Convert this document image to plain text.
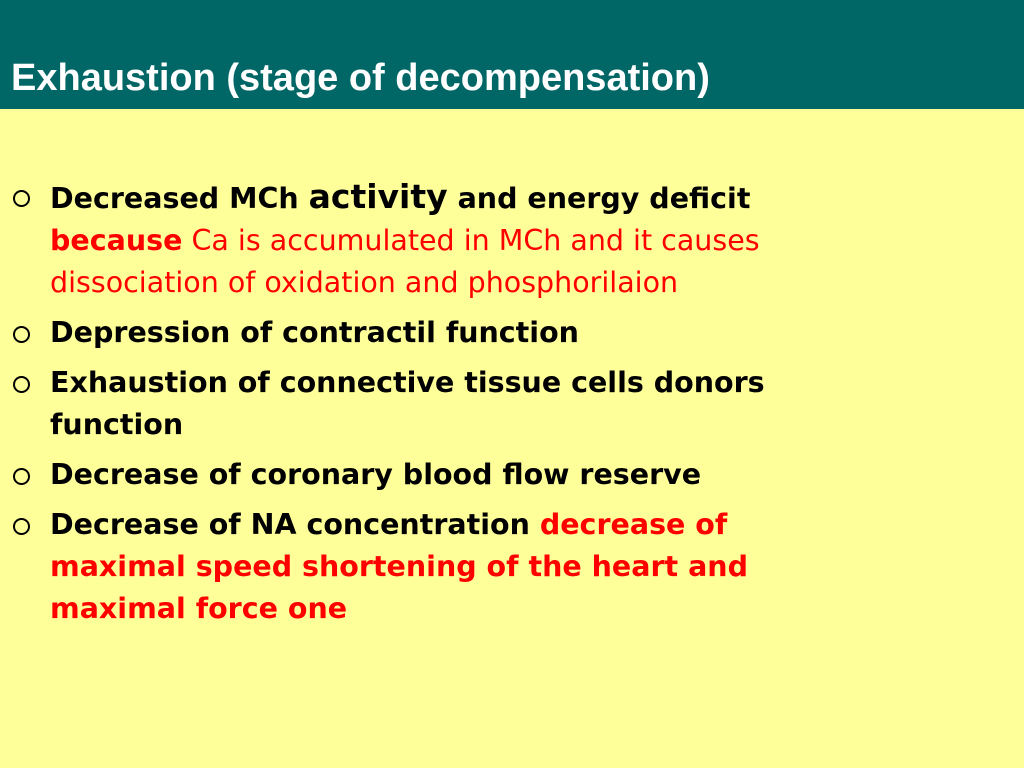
Exhaustion (stage of decompensation)
Decreased MCh activity and energy deficit
because Ca is accumulated in MCh and it causes
dissociation of oxidation and phosphorilaion
Depression of contractil function
Exhaustion of connective tissue cells donors
function
Decrease of coronary blood flow reserve
Decrease of NA concentration decrease of
maximal speed shortening of the heart and
maximal force one
